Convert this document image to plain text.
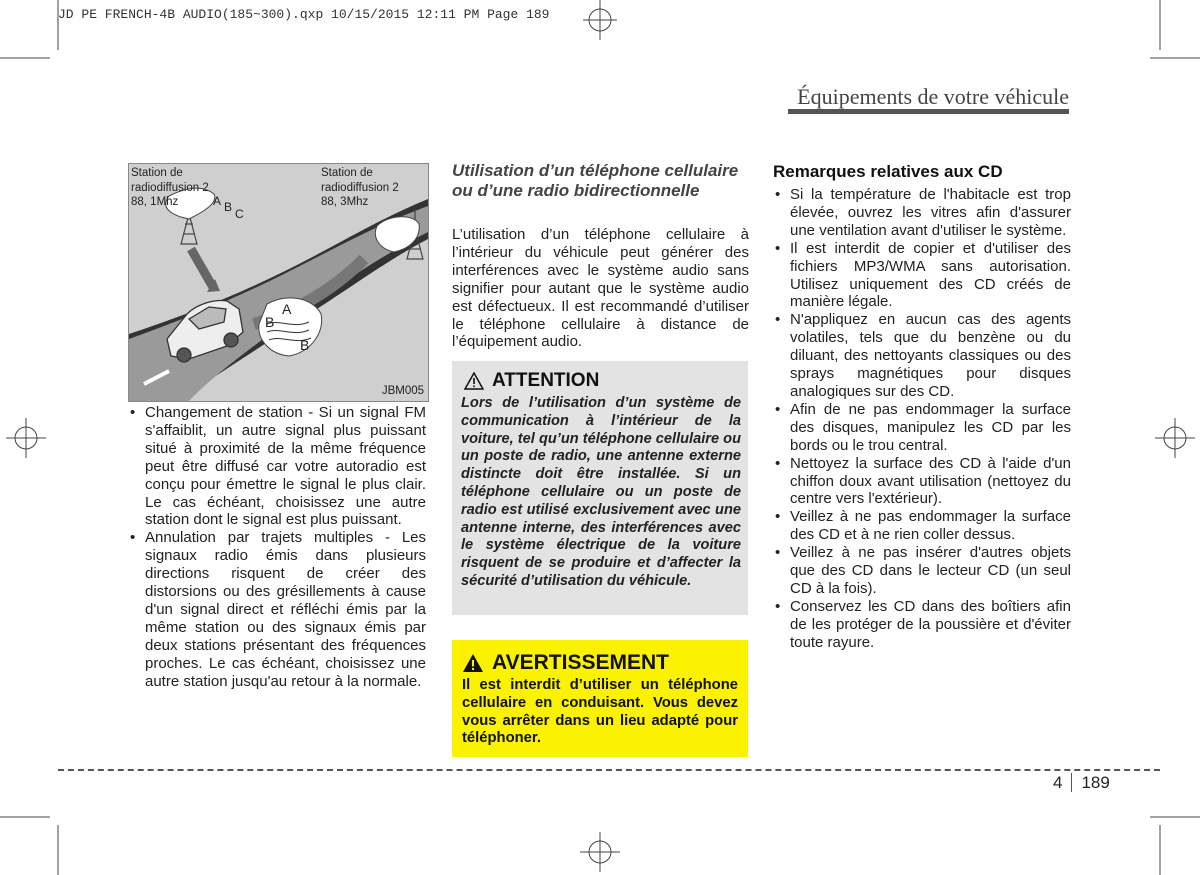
JD PE FRENCH-4B AUDIO(185~300).qxp 10/15/2015 12:11 PM Page 189
Équipements de votre véhicule
Station de
radiodiffusion 2
88, 1Mhz
Station de
radiodiffusion 2
88, 3Mhz
A B C
A
B
B
JBM005
• Changement de station - Si un signal FM s'affaiblit, un autre signal plus puissant situé à proximité de la même fréquence peut être diffusé car votre autoradio est conçu pour émettre le signal le plus clair. Le cas échéant, choisissez une autre station dont le signal est plus puissant.
• Annulation par trajets multiples - Les signaux radio émis dans plusieurs directions risquent de créer des distorsions ou des grésillements à cause d'un signal direct et réfléchi émis par la même station ou des signaux émis par deux stations présentant des fréquences proches. Le cas échéant, choisissez une autre station jusqu'au retour à la normale.
Utilisation d’un téléphone cellulaire ou d’une radio bidirectionnelle
L’utilisation d’un téléphone cellulaire à l’intérieur du véhicule peut générer des interférences avec le système audio sans signifier pour autant que le système audio est défectueux. Il est recommandé d’utiliser le téléphone cellulaire à distance de l’équipement audio.
ATTENTION
Lors de l’utilisation d’un système de communication à l’intérieur de la voiture, tel qu’un téléphone cellulaire ou un poste de radio, une antenne externe distincte doit être installée. Si un téléphone cellulaire ou un poste de radio est utilisé exclusivement avec une antenne interne, des interférences avec le système électrique de la voiture risquent de se produire et d’affecter la sécurité d’utilisation du véhicule.
AVERTISSEMENT
Il est interdit d’utiliser un téléphone cellulaire en conduisant. Vous devez vous arrêter dans un lieu adapté pour téléphoner.
Remarques relatives aux CD
• Si la température de l'habitacle est trop élevée, ouvrez les vitres afin d'assurer une ventilation avant d'utiliser le système.
• Il est interdit de copier et d'utiliser des fichiers MP3/WMA sans autorisation. Utilisez uniquement des CD créés de manière légale.
• N'appliquez en aucun cas des agents volatiles, tels que du benzène ou du diluant, des nettoyants classiques ou des sprays magnétiques pour disques analogiques sur des CD.
• Afin de ne pas endommager la surface des disques, manipulez les CD par les bords ou le trou central.
• Nettoyez la surface des CD à l'aide d'un chiffon doux avant utilisation (nettoyez du centre vers l'extérieur).
• Veillez à ne pas endommager la surface des CD et à ne rien coller dessus.
• Veillez à ne pas insérer d'autres objets que des CD dans le lecteur CD (un seul CD à la fois).
• Conservez les CD dans des boîtiers afin de les protéger de la poussière et d'éviter toute rayure.
4 189
